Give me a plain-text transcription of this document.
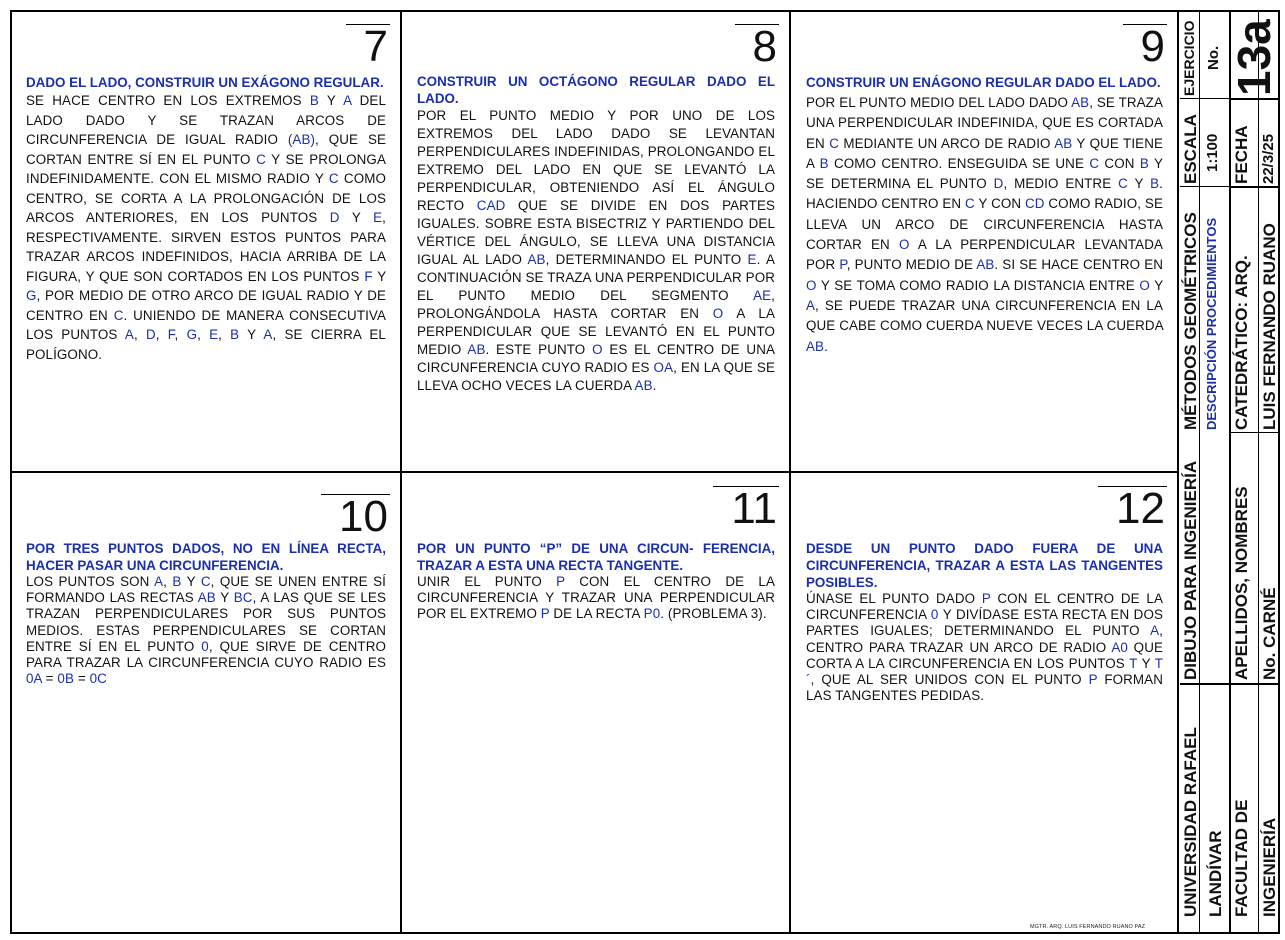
7

DADO EL LADO, CONSTRUIR UN EXÁGONO REGULAR.

SE HACE CENTRO EN LOS EXTREMOS B Y A DEL LADO DADO Y SE TRAZAN ARCOS DE CIRCUNFERENCIA DE IGUAL RADIO (AB), QUE SE CORTAN ENTRE SÍ EN EL PUNTO C Y SE PROLONGA INDEFINIDAMENTE. CON EL MISMO RADIO Y C COMO CENTRO, SE CORTA A LA PROLONGACIÓN DE LOS ARCOS ANTERIORES, EN LOS PUNTOS D Y E, RESPECTIVAMENTE. SIRVEN ESTOS PUNTOS PARA TRAZAR ARCOS INDEFINIDOS, HACIA ARRIBA DE LA FIGURA, Y QUE SON CORTADOS EN LOS PUNTOS F Y G, POR MEDIO DE OTRO ARCO DE IGUAL RADIO Y DE CENTRO EN C. UNIENDO DE MANERA CONSECUTIVA LOS PUNTOS A, D, F, G, E, B Y A, SE CIERRA EL POLÍGONO.

8

CONSTRUIR UN OCTÁGONO REGULAR DADO EL LADO.

POR EL PUNTO MEDIO Y POR UNO DE LOS EXTREMOS DEL LADO DADO SE LEVANTAN PERPENDICULARES INDEFINIDAS, PROLONGANDO EL EXTREMO DEL LADO EN QUE SE LEVANTÓ LA PERPENDICULAR, OBTENIENDO ASÍ EL ÁNGULO RECTO CAD QUE SE DIVIDE EN DOS PARTES IGUALES. SOBRE ESTA BISECTRIZ Y PARTIENDO DEL VÉRTICE DEL ÁNGULO, SE LLEVA UNA DISTANCIA IGUAL AL LADO AB, DETERMINANDO EL PUNTO E. A CONTINUACIÓN SE TRAZA UNA PERPENDICULAR POR EL PUNTO MEDIO DEL SEGMENTO AE, PROLONGÁNDOLA HASTA CORTAR EN O A LA PERPENDICULAR QUE SE LEVANTÓ EN EL PUNTO MEDIO AB. ESTE PUNTO O ES EL CENTRO DE UNA CIRCUNFERENCIA CUYO RADIO ES OA, EN LA QUE SE LLEVA OCHO VECES LA CUERDA AB.

9

CONSTRUIR UN ENÁGONO REGULAR DADO EL LADO.

POR EL PUNTO MEDIO DEL LADO DADO AB, SE TRAZA UNA PERPENDICULAR INDEFINIDA, QUE ES CORTADA EN C MEDIANTE UN ARCO DE RADIO AB Y QUE TIENE A B COMO CENTRO. ENSEGUIDA SE UNE C CON B Y SE DETERMINA EL PUNTO D, MEDIO ENTRE C Y B. HACIENDO CENTRO EN C Y CON CD COMO RADIO, SE LLEVA UN ARCO DE CIRCUNFERENCIA HASTA CORTAR EN O A LA PERPENDICULAR LEVANTADA POR P, PUNTO MEDIO DE AB. SI SE HACE CENTRO EN O Y SE TOMA COMO RADIO LA DISTANCIA ENTRE O Y A, SE PUEDE TRAZAR UNA CIRCUNFERENCIA EN LA QUE CABE COMO CUERDA NUEVE VECES LA CUERDA AB.

10

POR TRES PUNTOS DADOS, NO EN LÍNEA RECTA, HACER PASAR UNA CIRCUNFERENCIA.

LOS PUNTOS SON A, B Y C, QUE SE UNEN ENTRE SÍ FORMANDO LAS RECTAS AB Y BC, A LAS QUE SE LES TRAZAN PERPENDICULARES POR SUS PUNTOS MEDIOS. ESTAS PERPENDICULARES SE CORTAN ENTRE SÍ EN EL PUNTO 0, QUE SIRVE DE CENTRO PARA TRAZAR LA CIRCUNFERENCIA CUYO RADIO ES 0A = 0B = 0C

11

POR UN PUNTO “P” DE UNA CIRCUN- FERENCIA, TRAZAR A ESTA UNA RECTA TANGENTE.

UNIR EL PUNTO P CON EL CENTRO DE LA CIRCUNFERENCIA Y TRAZAR UNA PERPENDICULAR POR EL EXTREMO P DE LA RECTA P0. (PROBLEMA 3).

12

DESDE UN PUNTO DADO FUERA DE UNA CIRCUNFERENCIA, TRAZAR A ESTA LAS TANGENTES POSIBLES.

ÚNASE EL PUNTO DADO P CON EL CENTRO DE LA CIRCUNFERENCIA 0 Y DIVÍDASE ESTA RECTA EN DOS PARTES IGUALES; DETERMINANDO EL PUNTO A, CENTRO PARA TRAZAR UN ARCO DE RADIO A0 QUE CORTA A LA CIRCUNFERENCIA EN LOS PUNTOS T Y T´, QUE AL SER UNIDOS CON EL PUNTO P FORMAN LAS TANGENTES PEDIDAS.

MGTR. ARQ. LUIS FERNANDO RUANO PAZ
UNIVERSIDAD RAFAEL LANDÍVAR
DIBUJO PARA INGENIERÍA
MÉTODOS GEOMÉTRICOS DESCRIPCIÓN PROCEDIMIENTOS
ESCALA 1:100
EJERCICIO No.
FACULTAD DE INGENIERÍA
APELLIDOS, NOMBRES No. CARNÉ
CATEDRÁTICO: ARQ. LUIS FERNANDO RUANO
FECHA 22/3/25
13a
